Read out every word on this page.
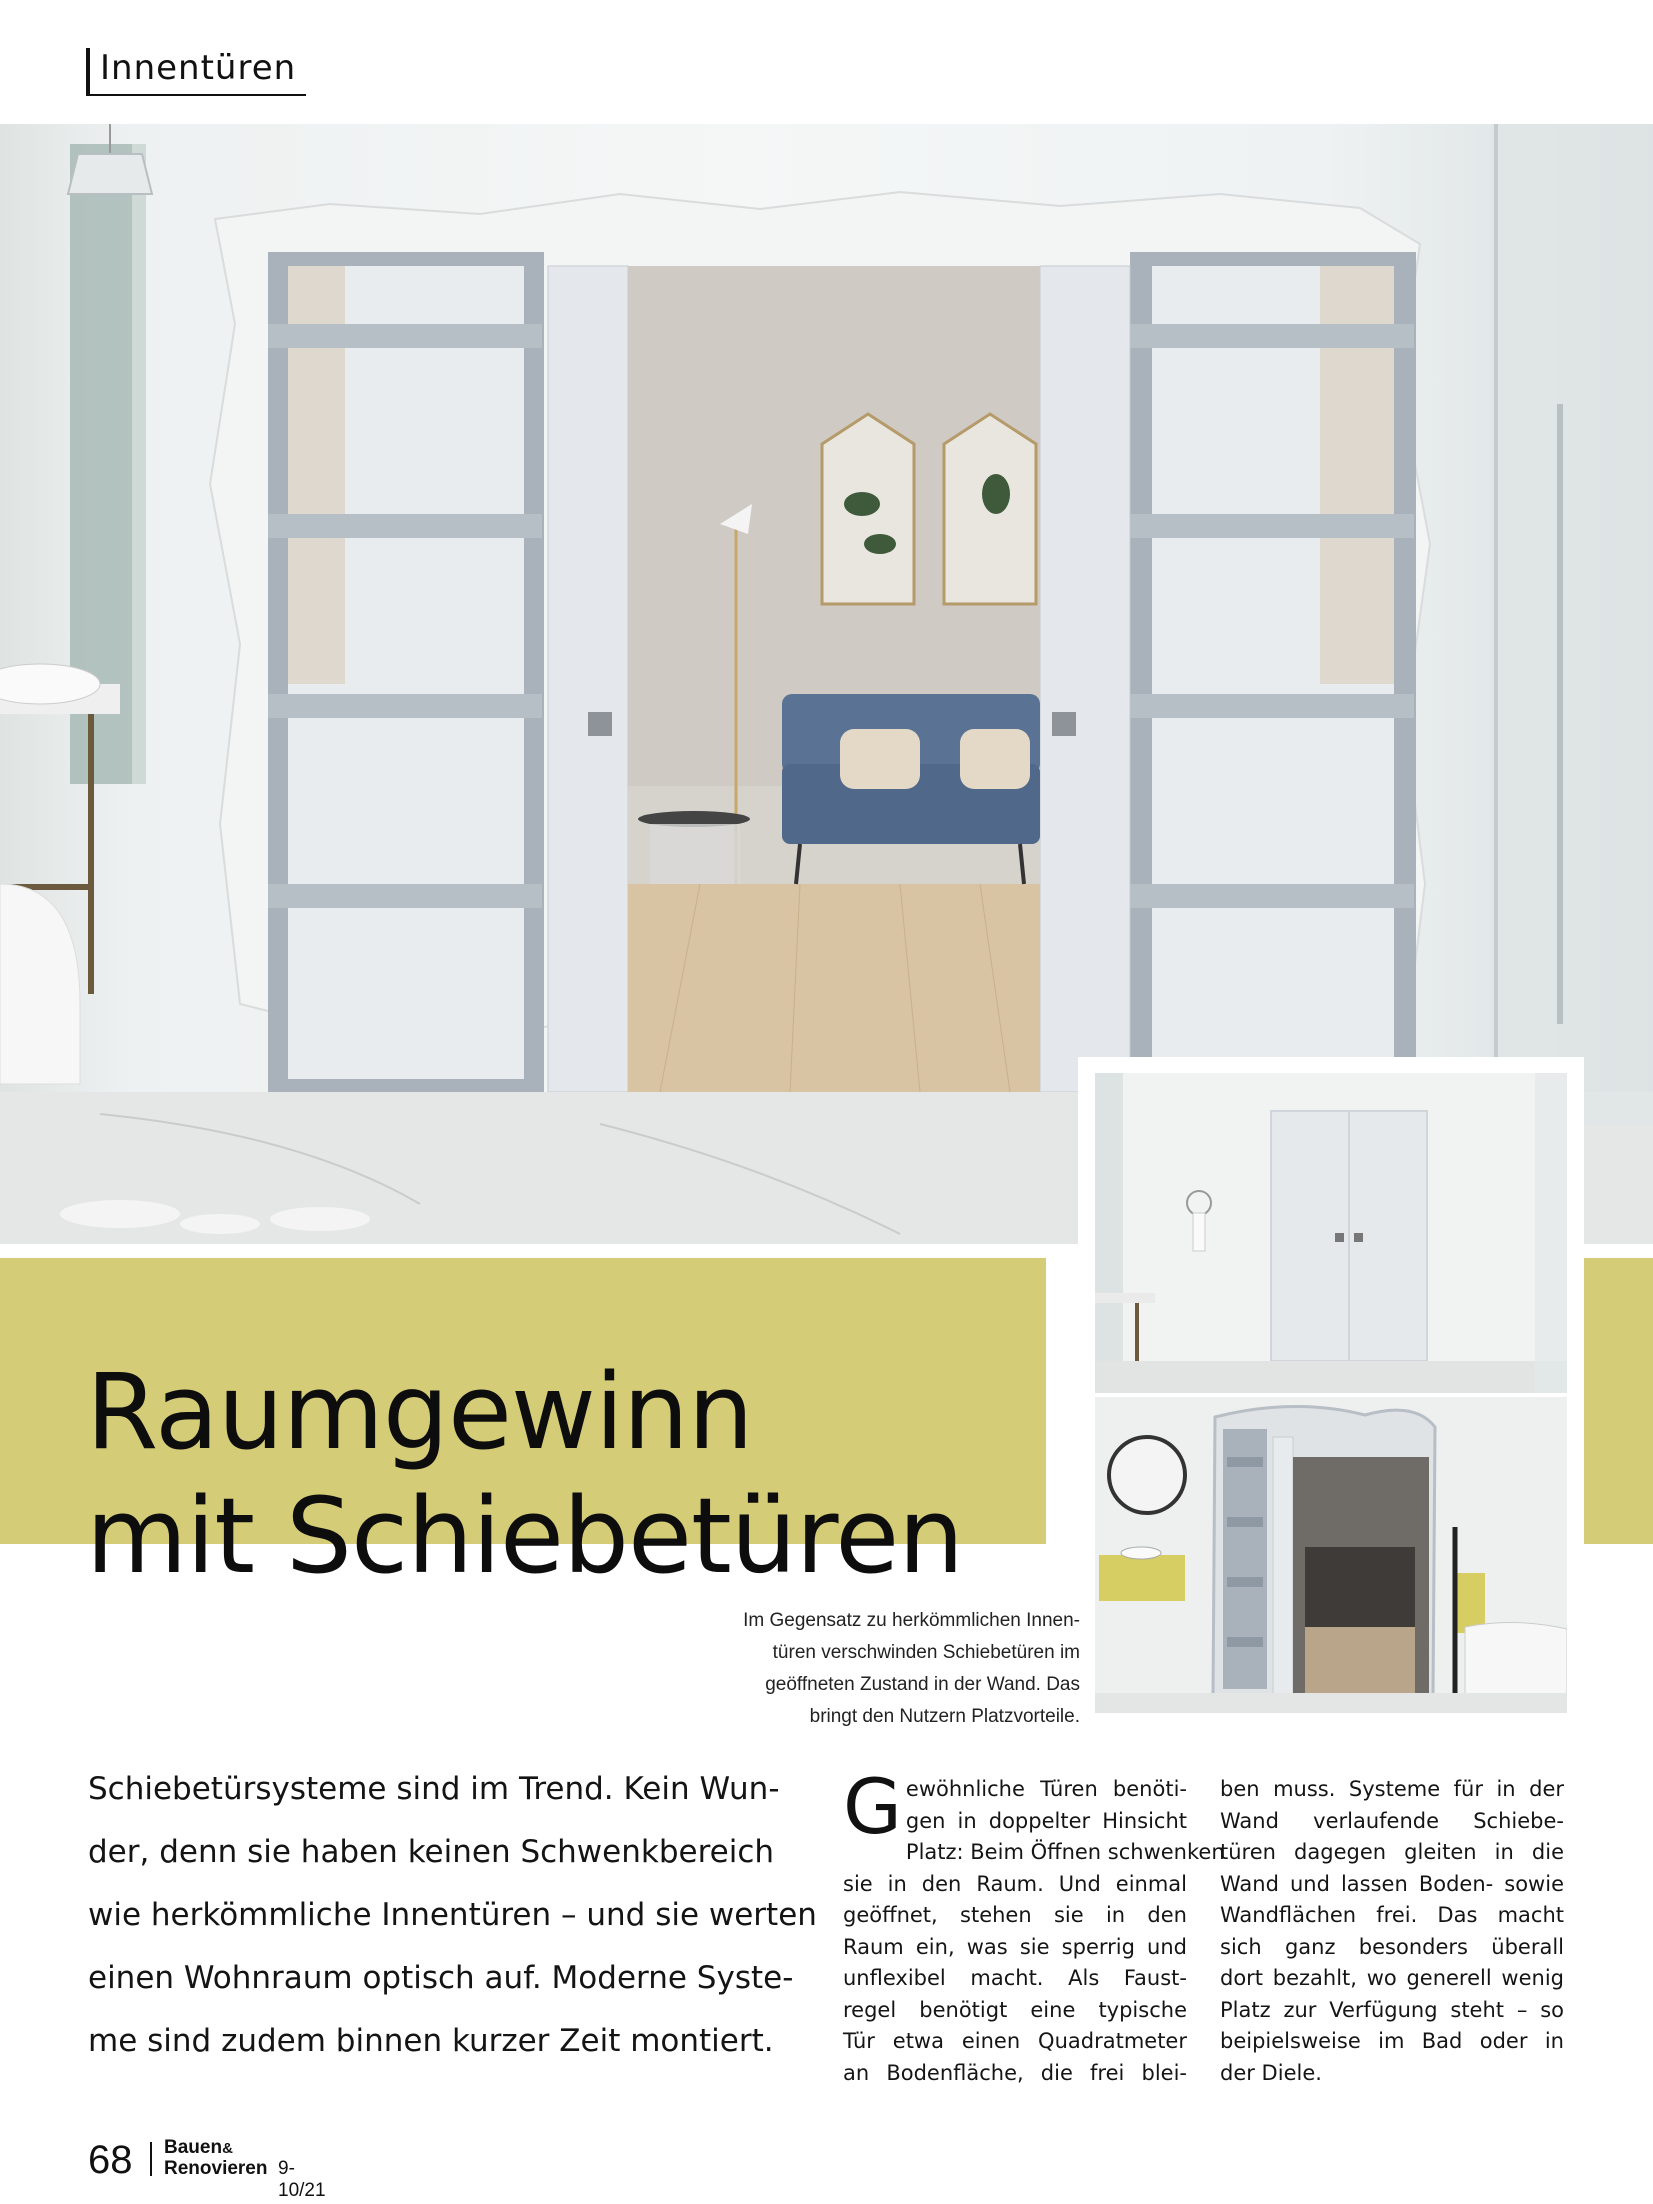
Innentüren
Raumgewinn
mit Schiebetüren
Im Gegensatz zu herkömmlichen Innen-
türen verschwinden Schiebetüren im
geöffneten Zustand in der Wand. Das
bringt den Nutzern Platzvorteile.
Schiebetürsysteme sind im Trend. Kein Wun-
der, denn sie haben keinen Schwenkbereich
wie herkömmliche Innentüren – und sie werten
einen Wohnraum optisch auf. Moderne Syste-
me sind zudem binnen kurzer Zeit montiert.
G ewöhnliche Türen benöti-
gen in doppelter Hinsicht
Platz: Beim Öffnen schwenken
sie in den Raum. Und einmal
geöffnet, stehen sie in den
Raum ein, was sie sperrig und
unflexibel macht. Als Faust-
regel benötigt eine typische
Tür etwa einen Quadratmeter
an Bodenfläche, die frei blei-
ben muss. Systeme für in der
Wand verlaufende Schiebe-
türen dagegen gleiten in die
Wand und lassen Boden- sowie
Wandflächen frei. Das macht
sich ganz besonders überall
dort bezahlt, wo generell wenig
Platz zur Verfügung steht – so
beipielsweise im Bad oder in
der Diele.
68 Bauen&
Renovieren 9-10/21
